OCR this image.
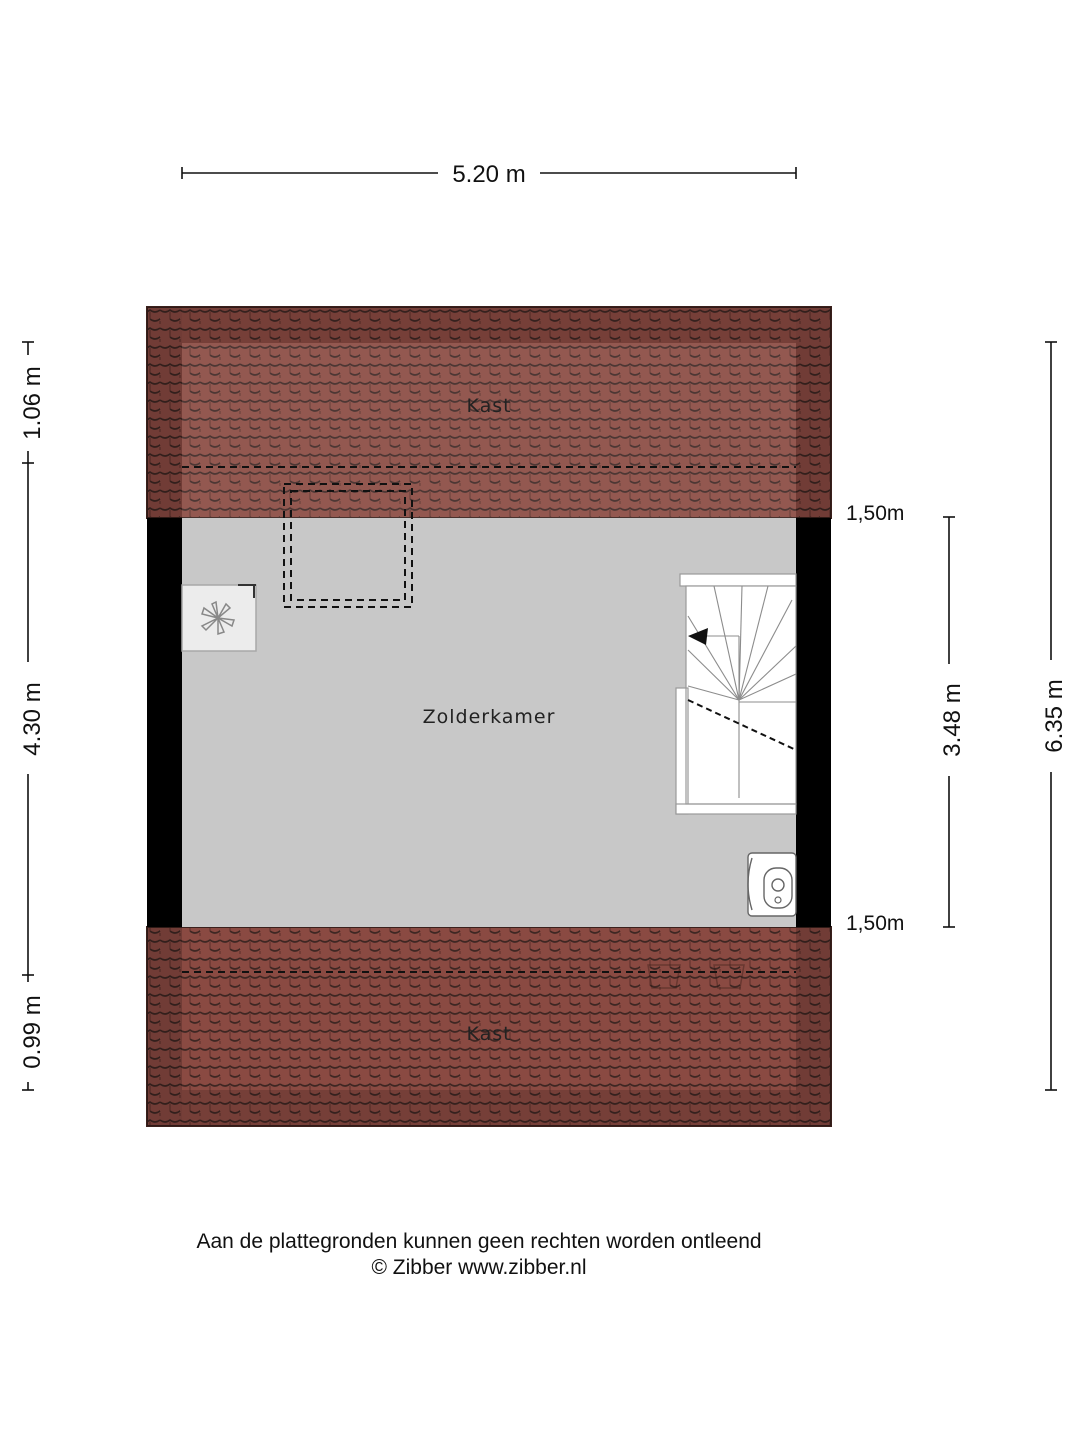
5.20 m
1.06 m
4.30 m
0.99 m
6.35 m
3.48 m
1,50m
1,50m
Kast
Zolderkamer
Kast
Aan de plattegronden kunnen geen rechten worden ontleend
© Zibber www.zibber.nl
